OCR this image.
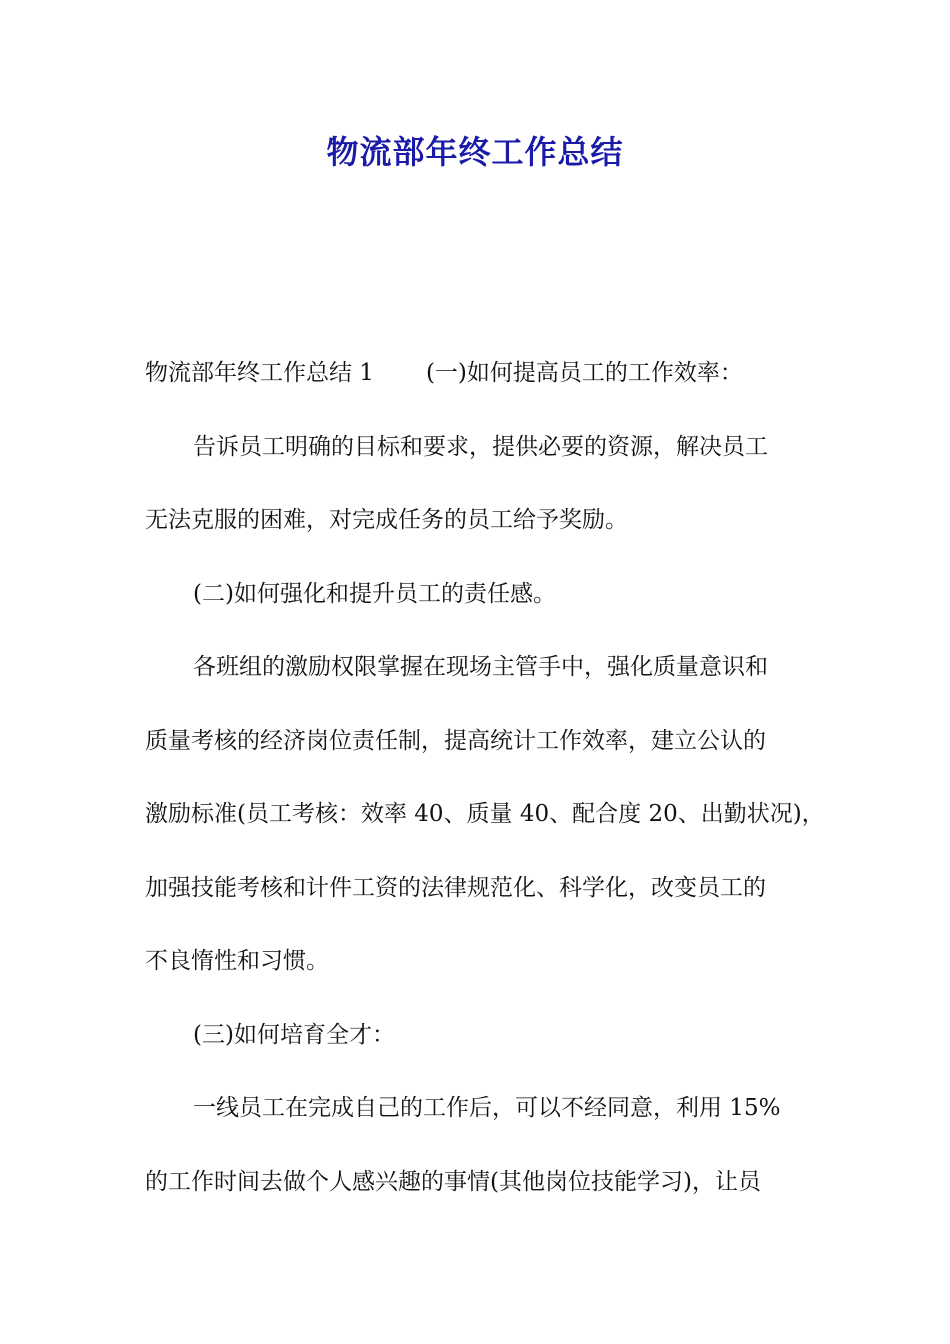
物流部年终工作总结
物流部年终工作总结 1 (一)如何提高员工的工作效率：
告诉员工明确的目标和要求，提供必要的资源，解决员工
无法克服的困难，对完成任务的员工给予奖励。
(二)如何强化和提升员工的责任感。
各班组的激励权限掌握在现场主管手中，强化质量意识和
质量考核的经济岗位责任制，提高统计工作效率，建立公认的
激励标准(员工考核：效率 40、质量 40、配合度 20、出勤状况)，
加强技能考核和计件工资的法律规范化、科学化，改变员工的
不良惰性和习惯。
(三)如何培育全才：
一线员工在完成自己的工作后，可以不经同意，利用 15%
的工作时间去做个人感兴趣的事情(其他岗位技能学习)，让员
